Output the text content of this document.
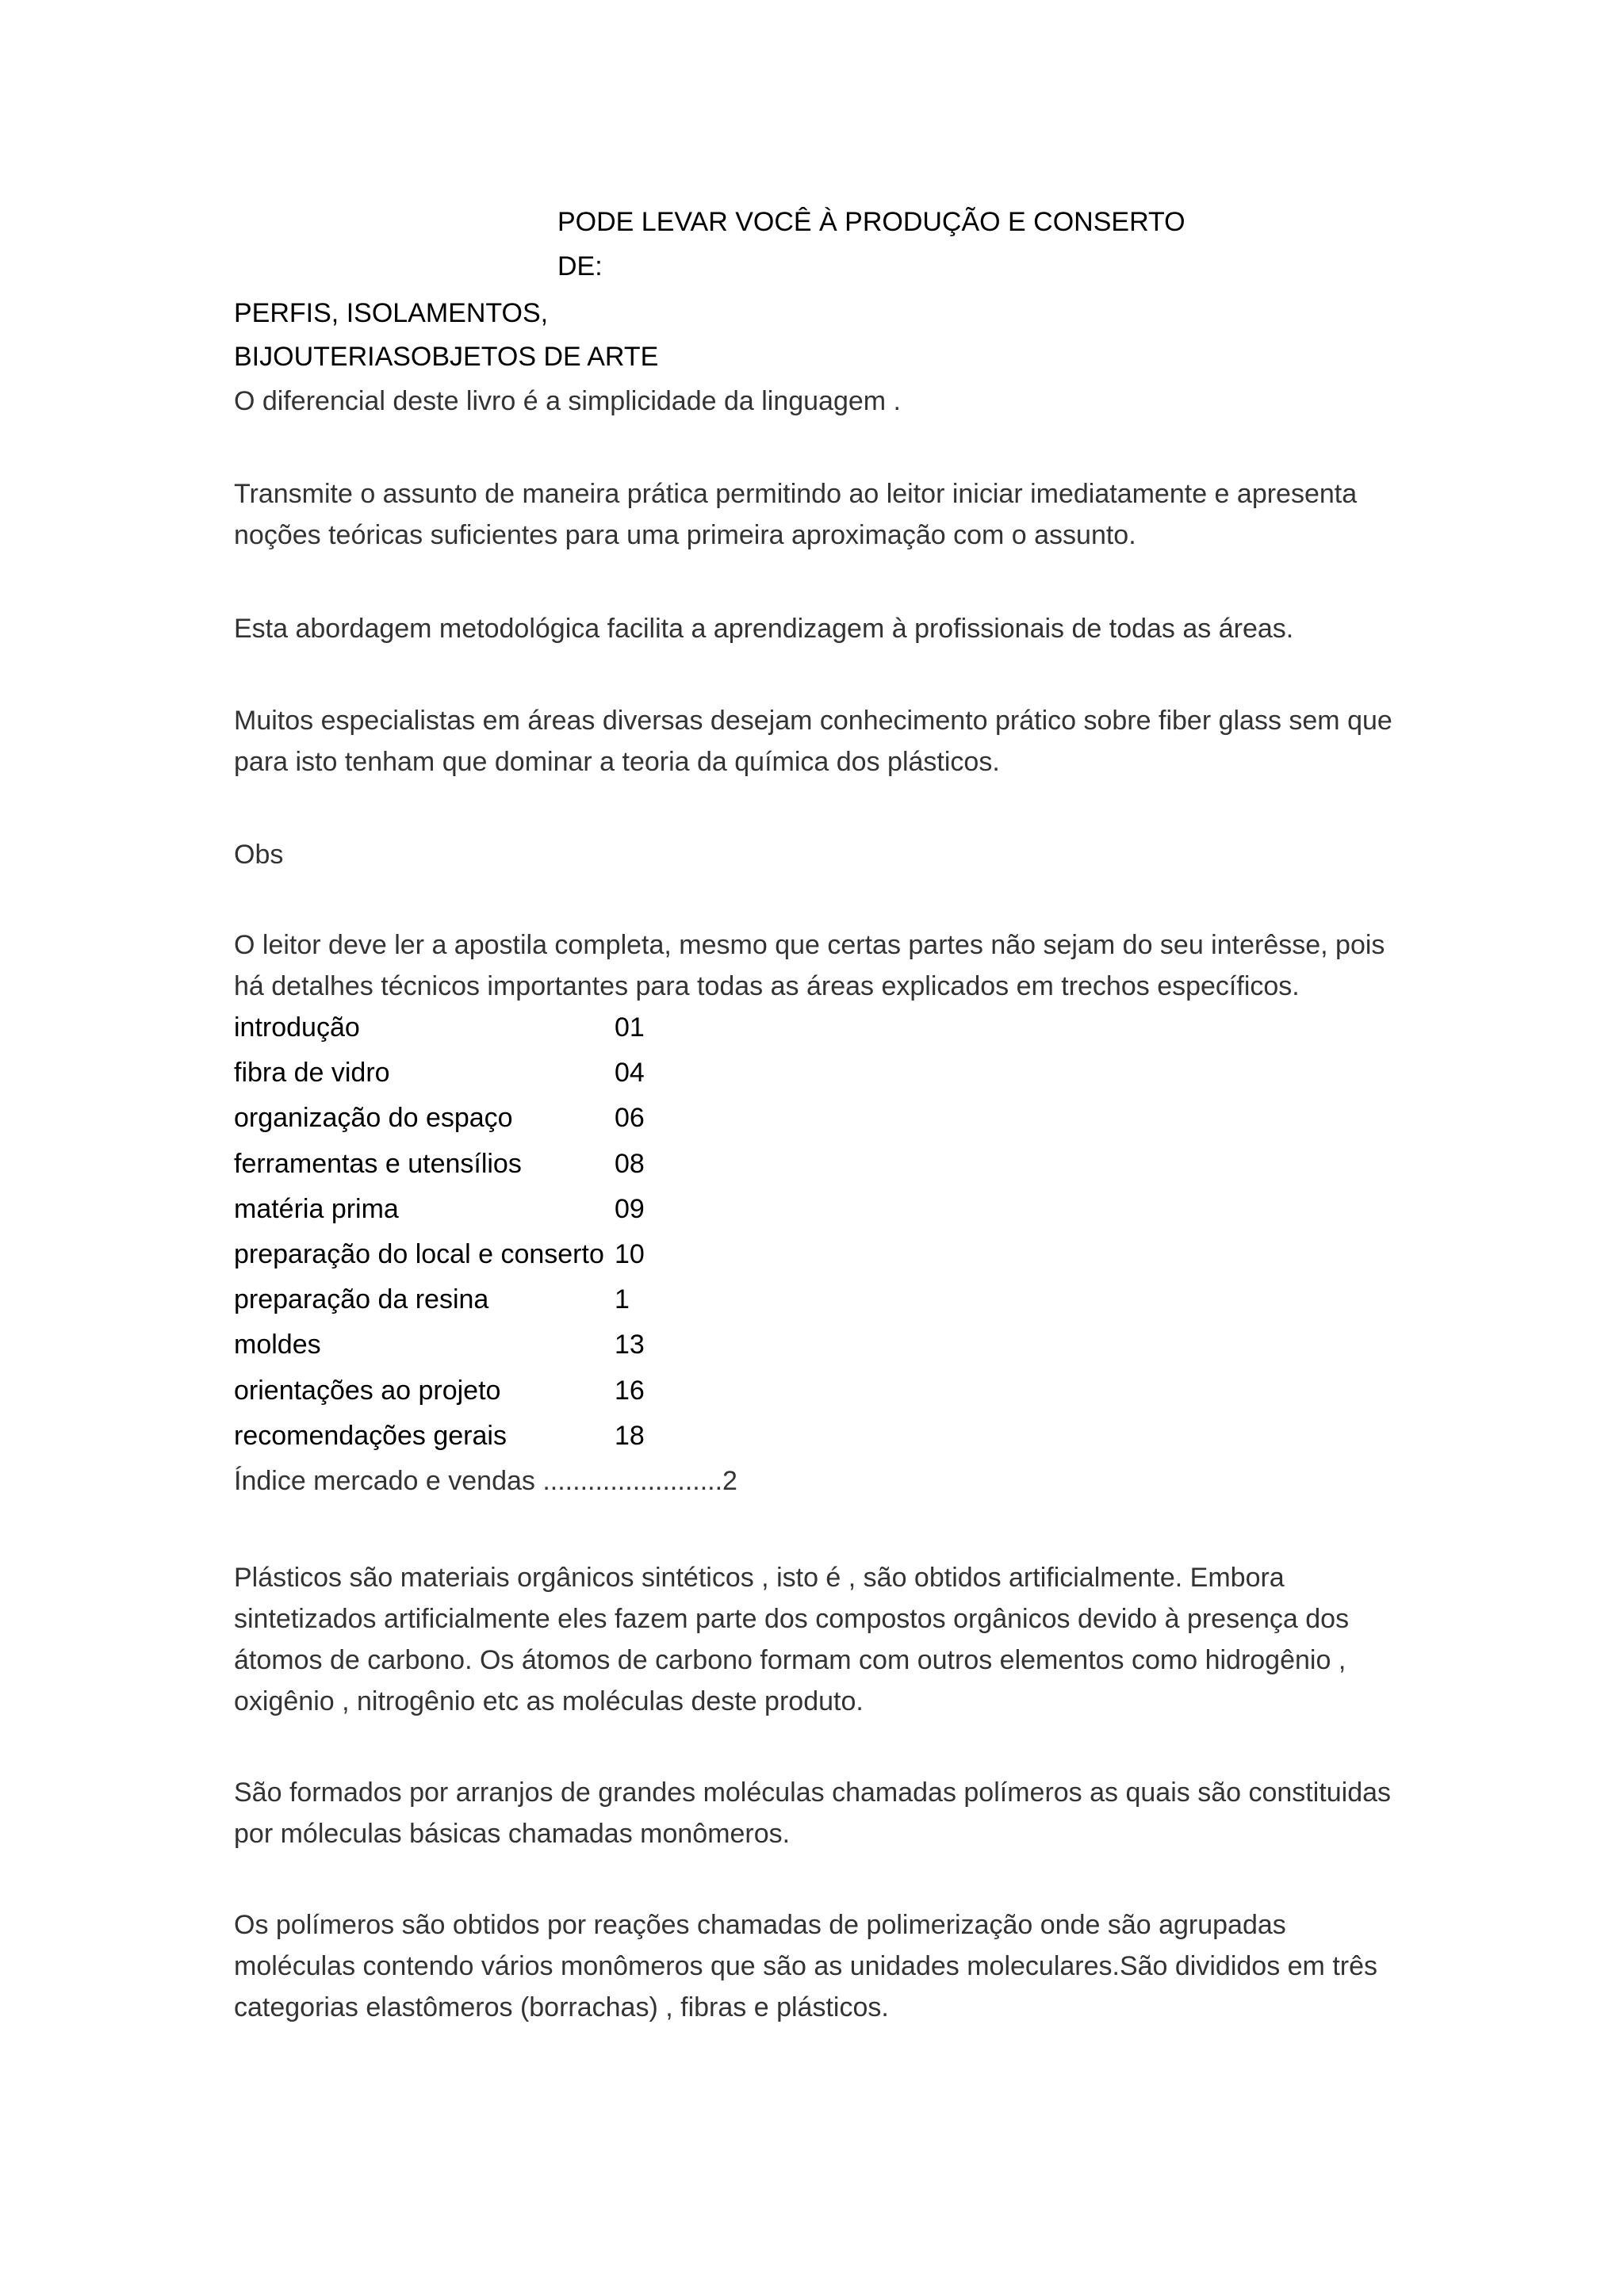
PODE LEVAR VOCÊ À PRODUÇÃO E CONSERTO
DE:
PERFIS, ISOLAMENTOS,
BIJOUTERIASOBJETOS DE ARTE
O diferencial deste livro é a simplicidade da linguagem .

Transmite o assunto de maneira prática permitindo ao leitor iniciar imediatamente e apresenta noções teóricas suficientes para uma primeira aproximação com o assunto.

Esta abordagem metodológica facilita a aprendizagem à profissionais de todas as áreas.

Muitos especialistas em áreas diversas desejam conhecimento prático sobre fiber glass sem que para isto tenham que dominar a teoria da química dos plásticos.

Obs

O leitor deve ler a apostila completa, mesmo que certas partes não sejam do seu interêsse, pois há detalhes técnicos importantes para todas as áreas explicados em trechos específicos.

introdução	01
fibra de vidro	04
organização do espaço	06
ferramentas e utensílios	08
matéria prima	09
preparação do local e conserto 10
preparação da resina	1
moldes	13
orientações ao projeto	16
recomendações gerais	18
Índice mercado e vendas ........................2

Plásticos são materiais orgânicos sintéticos , isto é , são obtidos artificialmente. Embora sintetizados artificialmente eles fazem parte dos compostos orgânicos devido à presença dos átomos de carbono. Os átomos de carbono formam com outros elementos como hidrogênio , oxigênio , nitrogênio etc as moléculas deste produto.

São formados por arranjos de grandes moléculas chamadas polímeros as quais são constituidas por móleculas básicas chamadas monômeros.

Os polímeros são obtidos por reações chamadas de polimerização onde são agrupadas moléculas contendo vários monômeros que são as unidades moleculares.São divididos em três categorias elastômeros (borrachas) , fibras e plásticos.
